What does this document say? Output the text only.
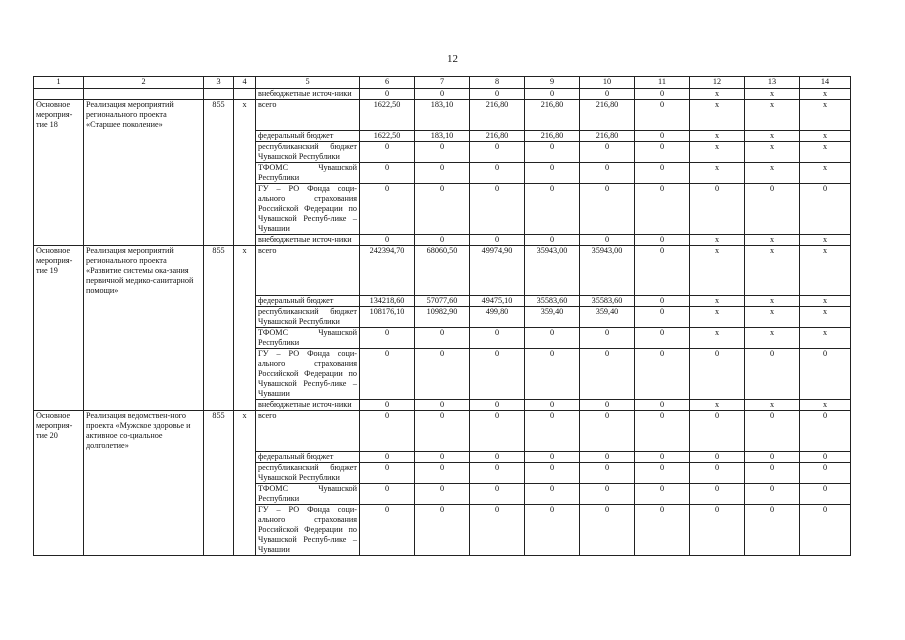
12
1	2	3	4	5	6	7	8	9	10	11	12	13	14
				внебюджетные источ-ники	0	0	0	0	0	0	x	x	x
Основное мероприя-тие 18	Реализация мероприятий регионального проекта «Старшее поколение»	855	x	всего	1622,50	183,10	216,80	216,80	216,80	0	x	x	x
				федеральный бюджет	1622,50	183,10	216,80	216,80	216,80	0	x	x	x
				республиканский бюджет Чувашской Республики	0	0	0	0	0	0	x	x	x
				ТФОМС Чувашской Республики	0	0	0	0	0	0	x	x	x
				ГУ – РО Фонда соци-ального страхования Российской Федерации по Чувашской Респуб-лике – Чувашии	0	0	0	0	0	0	0	0	0
				внебюджетные источ-ники	0	0	0	0	0	0	x	x	x
Основное мероприя-тие 19	Реализация мероприятий регионального проекта «Развитие системы ока-зания первичной медико-санитарной помощи»	855	x	всего	242394,70	68060,50	49974,90	35943,00	35943,00	0	x	x	x
				федеральный бюджет	134218,60	57077,60	49475,10	35583,60	35583,60	0	x	x	x
				республиканский бюджет Чувашской Республики	108176,10	10982,90	499,80	359,40	359,40	0	x	x	x
				ТФОМС Чувашской Республики	0	0	0	0	0	0	x	x	x
				ГУ – РО Фонда соци-ального страхования Российской Федерации по Чувашской Респуб-лике – Чувашии	0	0	0	0	0	0	0	0	0
				внебюджетные источ-ники	0	0	0	0	0	0	x	x	x
Основное мероприя-тие 20	Реализация ведомствен-ного проекта «Мужское здоровье и активное со-циальное долголетие»	855	x	всего	0	0	0	0	0	0	0	0	0
				федеральный бюджет	0	0	0	0	0	0	0	0	0
				республиканский бюджет Чувашской Республики	0	0	0	0	0	0	0	0	0
				ТФОМС Чувашской Республики	0	0	0	0	0	0	0	0	0
				ГУ – РО Фонда соци-ального страхования Российской Федерации по Чувашской Респуб-лике – Чувашии	0	0	0	0	0	0	0	0	0
